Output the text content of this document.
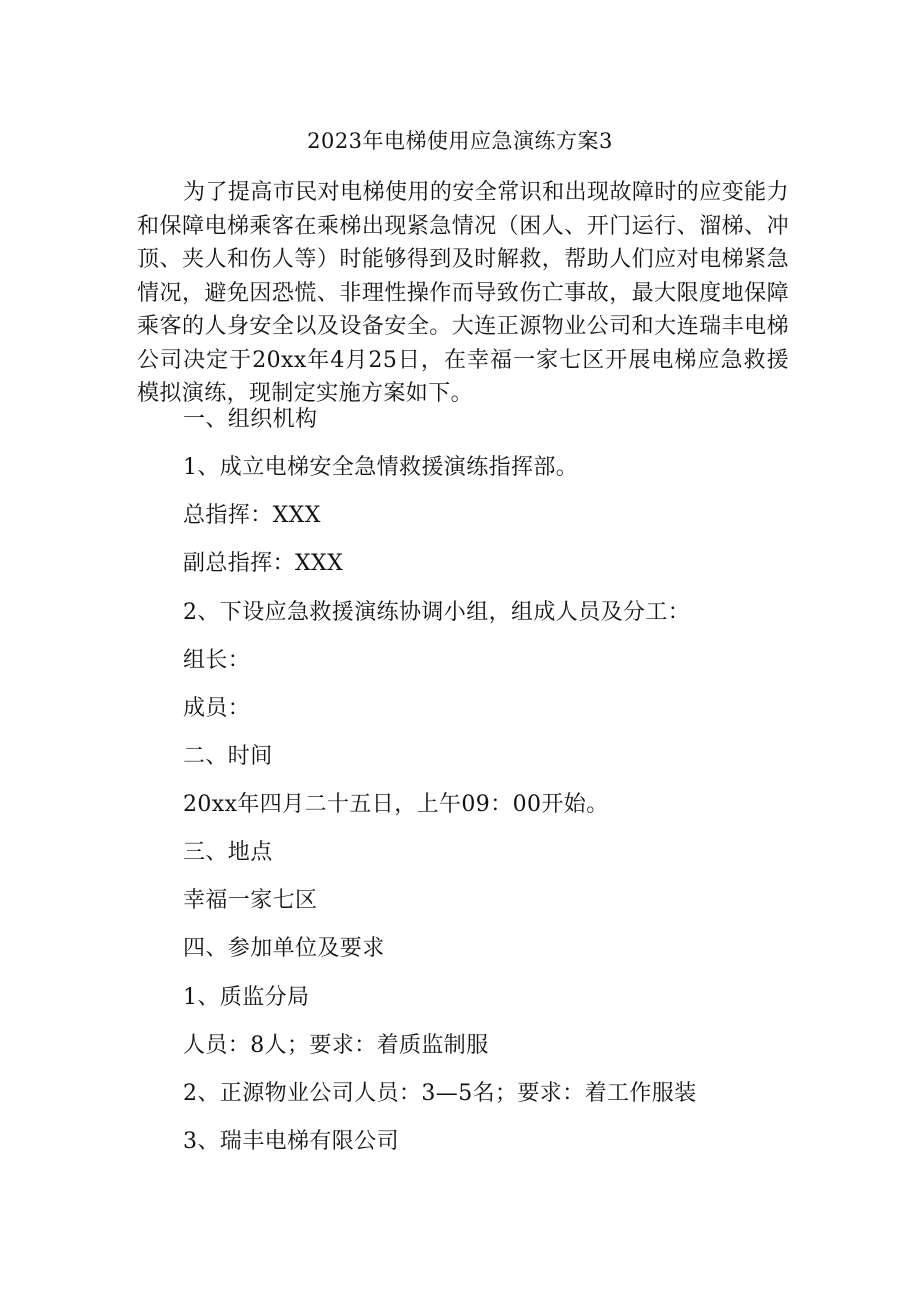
2023年电梯使用应急演练方案3

为了提高市民对电梯使用的安全常识和出现故障时的应变能力和保障电梯乘客在乘梯出现紧急情况（困人、开门运行、溜梯、冲顶、夹人和伤人等）时能够得到及时解救，帮助人们应对电梯紧急情况，避免因恐慌、非理性操作而导致伤亡事故，最大限度地保障乘客的人身安全以及设备安全。大连正源物业公司和大连瑞丰电梯公司决定于20xx年4月25日，在幸福一家七区开展电梯应急救援模拟演练，现制定实施方案如下。

一、组织机构

1、成立电梯安全急情救援演练指挥部。

总指挥：XXX

副总指挥：XXX

2、下设应急救援演练协调小组，组成人员及分工：

组长：

成员：

二、时间

20xx年四月二十五日，上午09：00开始。

三、地点

幸福一家七区

四、参加单位及要求

1、质监分局

人员：8人；要求：着质监制服

2、正源物业公司人员：3—5名；要求：着工作服装

3、瑞丰电梯有限公司
